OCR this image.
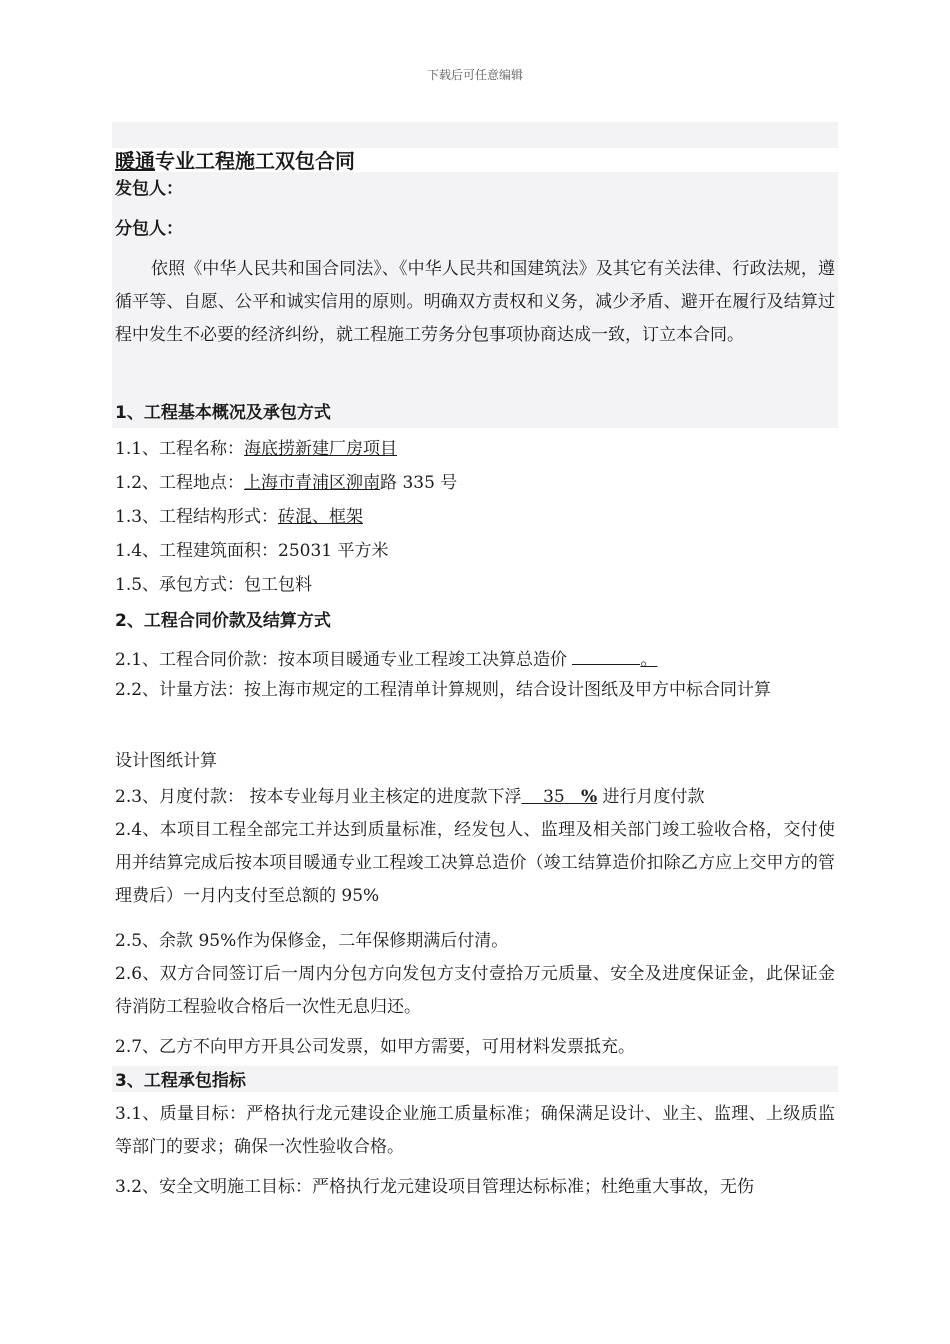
下载后可任意编辑
暖通专业工程施工双包合同
发包人：
分包人：
依照《中华人民共和国合同法》、《中华人民共和国建筑法》及其它有关法律、行政法规，遵循平等、自愿、公平和诚实信用的原则。明确双方责权和义务，减少矛盾、避开在履行及结算过程中发生不必要的经济纠纷，就工程施工劳务分包事项协商达成一致，订立本合同。
1、工程基本概况及承包方式
1.1、工程名称：海底捞新建厂房项目
1.2、工程地点：上海市青浦区泖南路 335 号
1.3、工程结构形式：砖混、框架
1.4、工程建筑面积：25031 平方米
1.5、承包方式：包工包料
2、工程合同价款及结算方式
2.1、工程合同价款：按本项目暖通专业工程竣工决算总造价	。
2.2、计量方法：按上海市规定的工程清单计算规则，结合设计图纸及甲方中标合同计算
设计图纸计算
2.3、月度付款： 按本专业每月业主核定的进度款下浮 35 % 进行月度付款
2.4、本项目工程全部完工并达到质量标准，经发包人、监理及相关部门竣工验收合格，交付使用并结算完成后按本项目暖通专业工程竣工决算总造价（竣工结算造价扣除乙方应上交甲方的管理费后）一月内支付至总额的 95%
2.5、余款 95%作为保修金，二年保修期满后付清。
2.6、双方合同签订后一周内分包方向发包方支付壹拾万元质量、安全及进度保证金，此保证金待消防工程验收合格后一次性无息归还。
2.7、乙方不向甲方开具公司发票，如甲方需要，可用材料发票抵充。
3、工程承包指标
3.1、质量目标：严格执行龙元建设企业施工质量标准；确保满足设计、业主、监理、上级质监等部门的要求；确保一次性验收合格。
3.2、安全文明施工目标：严格执行龙元建设项目管理达标标准；杜绝重大事故，无伤
